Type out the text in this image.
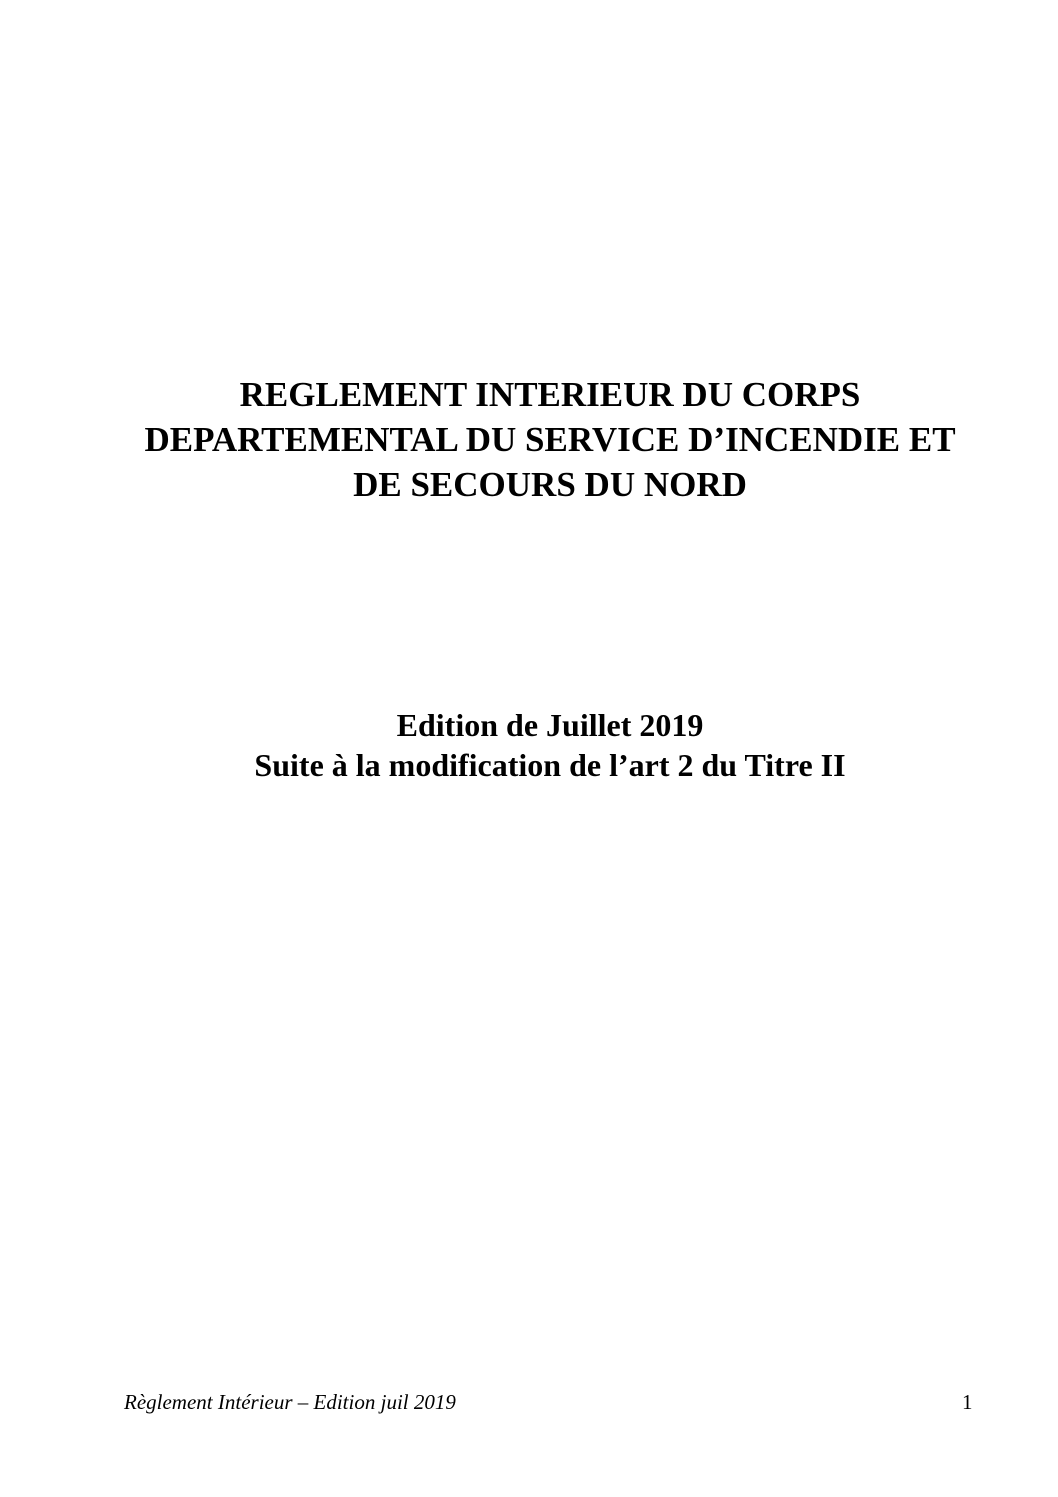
REGLEMENT INTERIEUR DU CORPS
DEPARTEMENTAL DU SERVICE D’INCENDIE ET
DE SECOURS DU NORD
Edition de Juillet 2019
Suite à la modification de l’art 2 du Titre II
Règlement Intérieur – Edition juil 2019	1
